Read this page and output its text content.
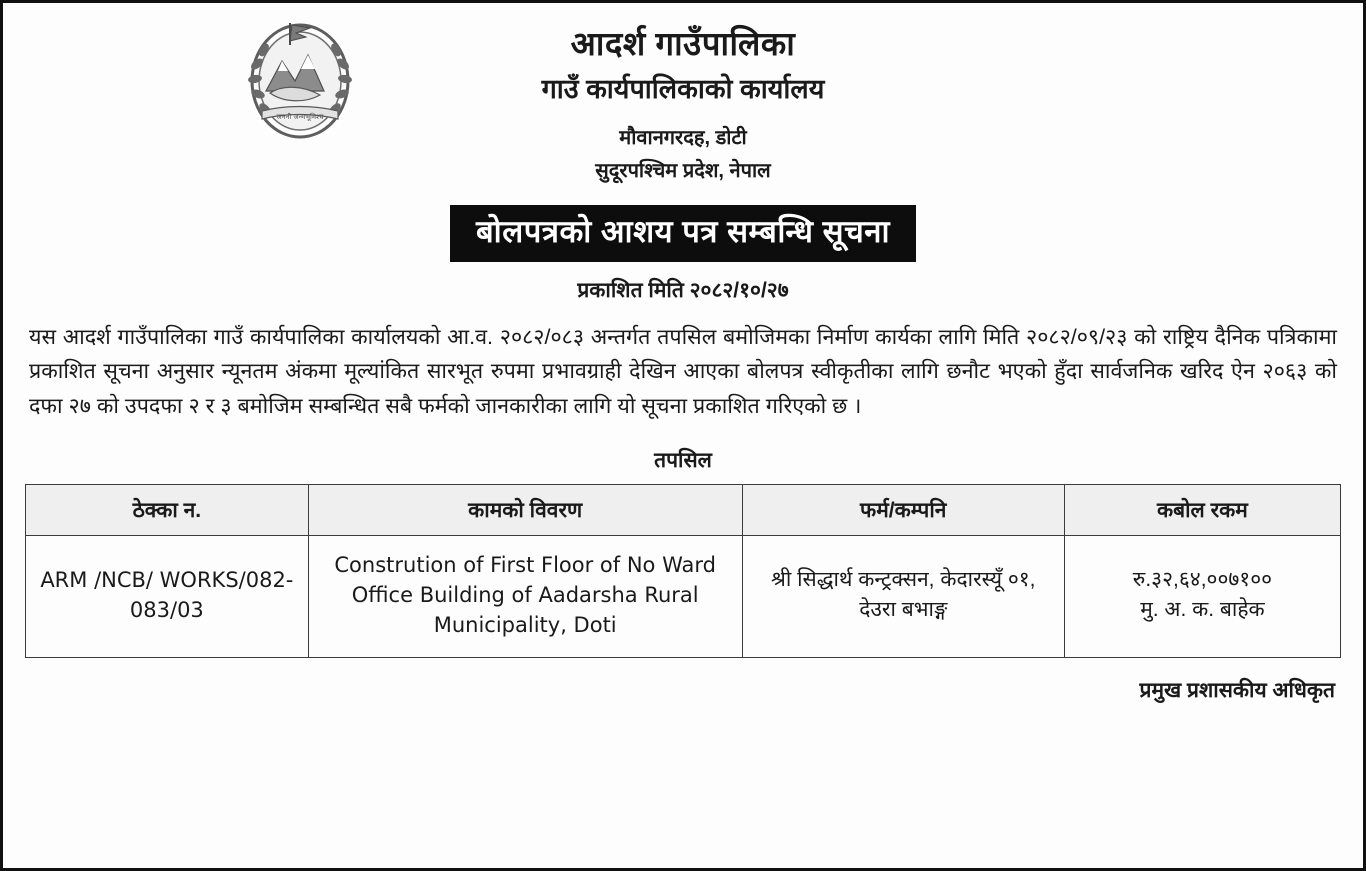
जननी जन्मभूमिश्च
आदर्श गाउँपालिका
गाउँ कार्यपालिकाको कार्यालय
मौवानगरदह, डोटी
सुदूरपश्चिम प्रदेश, नेपाल
बोलपत्रको आशय पत्र सम्बन्धि सूचना
प्रकाशित मिति २०८२/१०/२७

यस आदर्श गाउँपालिका गाउँ कार्यपालिका कार्यालयको आ.व. २०८२/०८३ अन्तर्गत तपसिल बमोजिमका निर्माण कार्यका लागि मिति २०८२/०९/२३ को राष्ट्रिय दैनिक पत्रिकामा प्रकाशित सूचना अनुसार न्यूनतम अंकमा मूल्यांकित सारभूत रुपमा प्रभावग्राही देखिन आएका बोलपत्र स्वीकृतीका लागि छनौट भएको हुँदा सार्वजनिक खरिद ऐन २०६३ को दफा २७ को उपदफा २ र ३ बमोजिम सम्बन्धित सबै फर्मको जानकारीका लागि यो सूचना प्रकाशित गरिएको छ ।

तपसिल
ठेक्का न.	कामको विवरण	फर्म/कम्पनि	कबोल रकम
ARM /NCB/ WORKS/082-083/03	Constrution of First Floor of No Ward Office Building of Aadarsha Rural Municipality, Doti	श्री सिद्धार्थ कन्ट्रक्सन, केदारस्यूँ ०१, देउरा बभाङ्ग	रु.३२,६४,००७१००
मु. अ. क. बाहेक
प्रमुख प्रशासकीय अधिकृत
